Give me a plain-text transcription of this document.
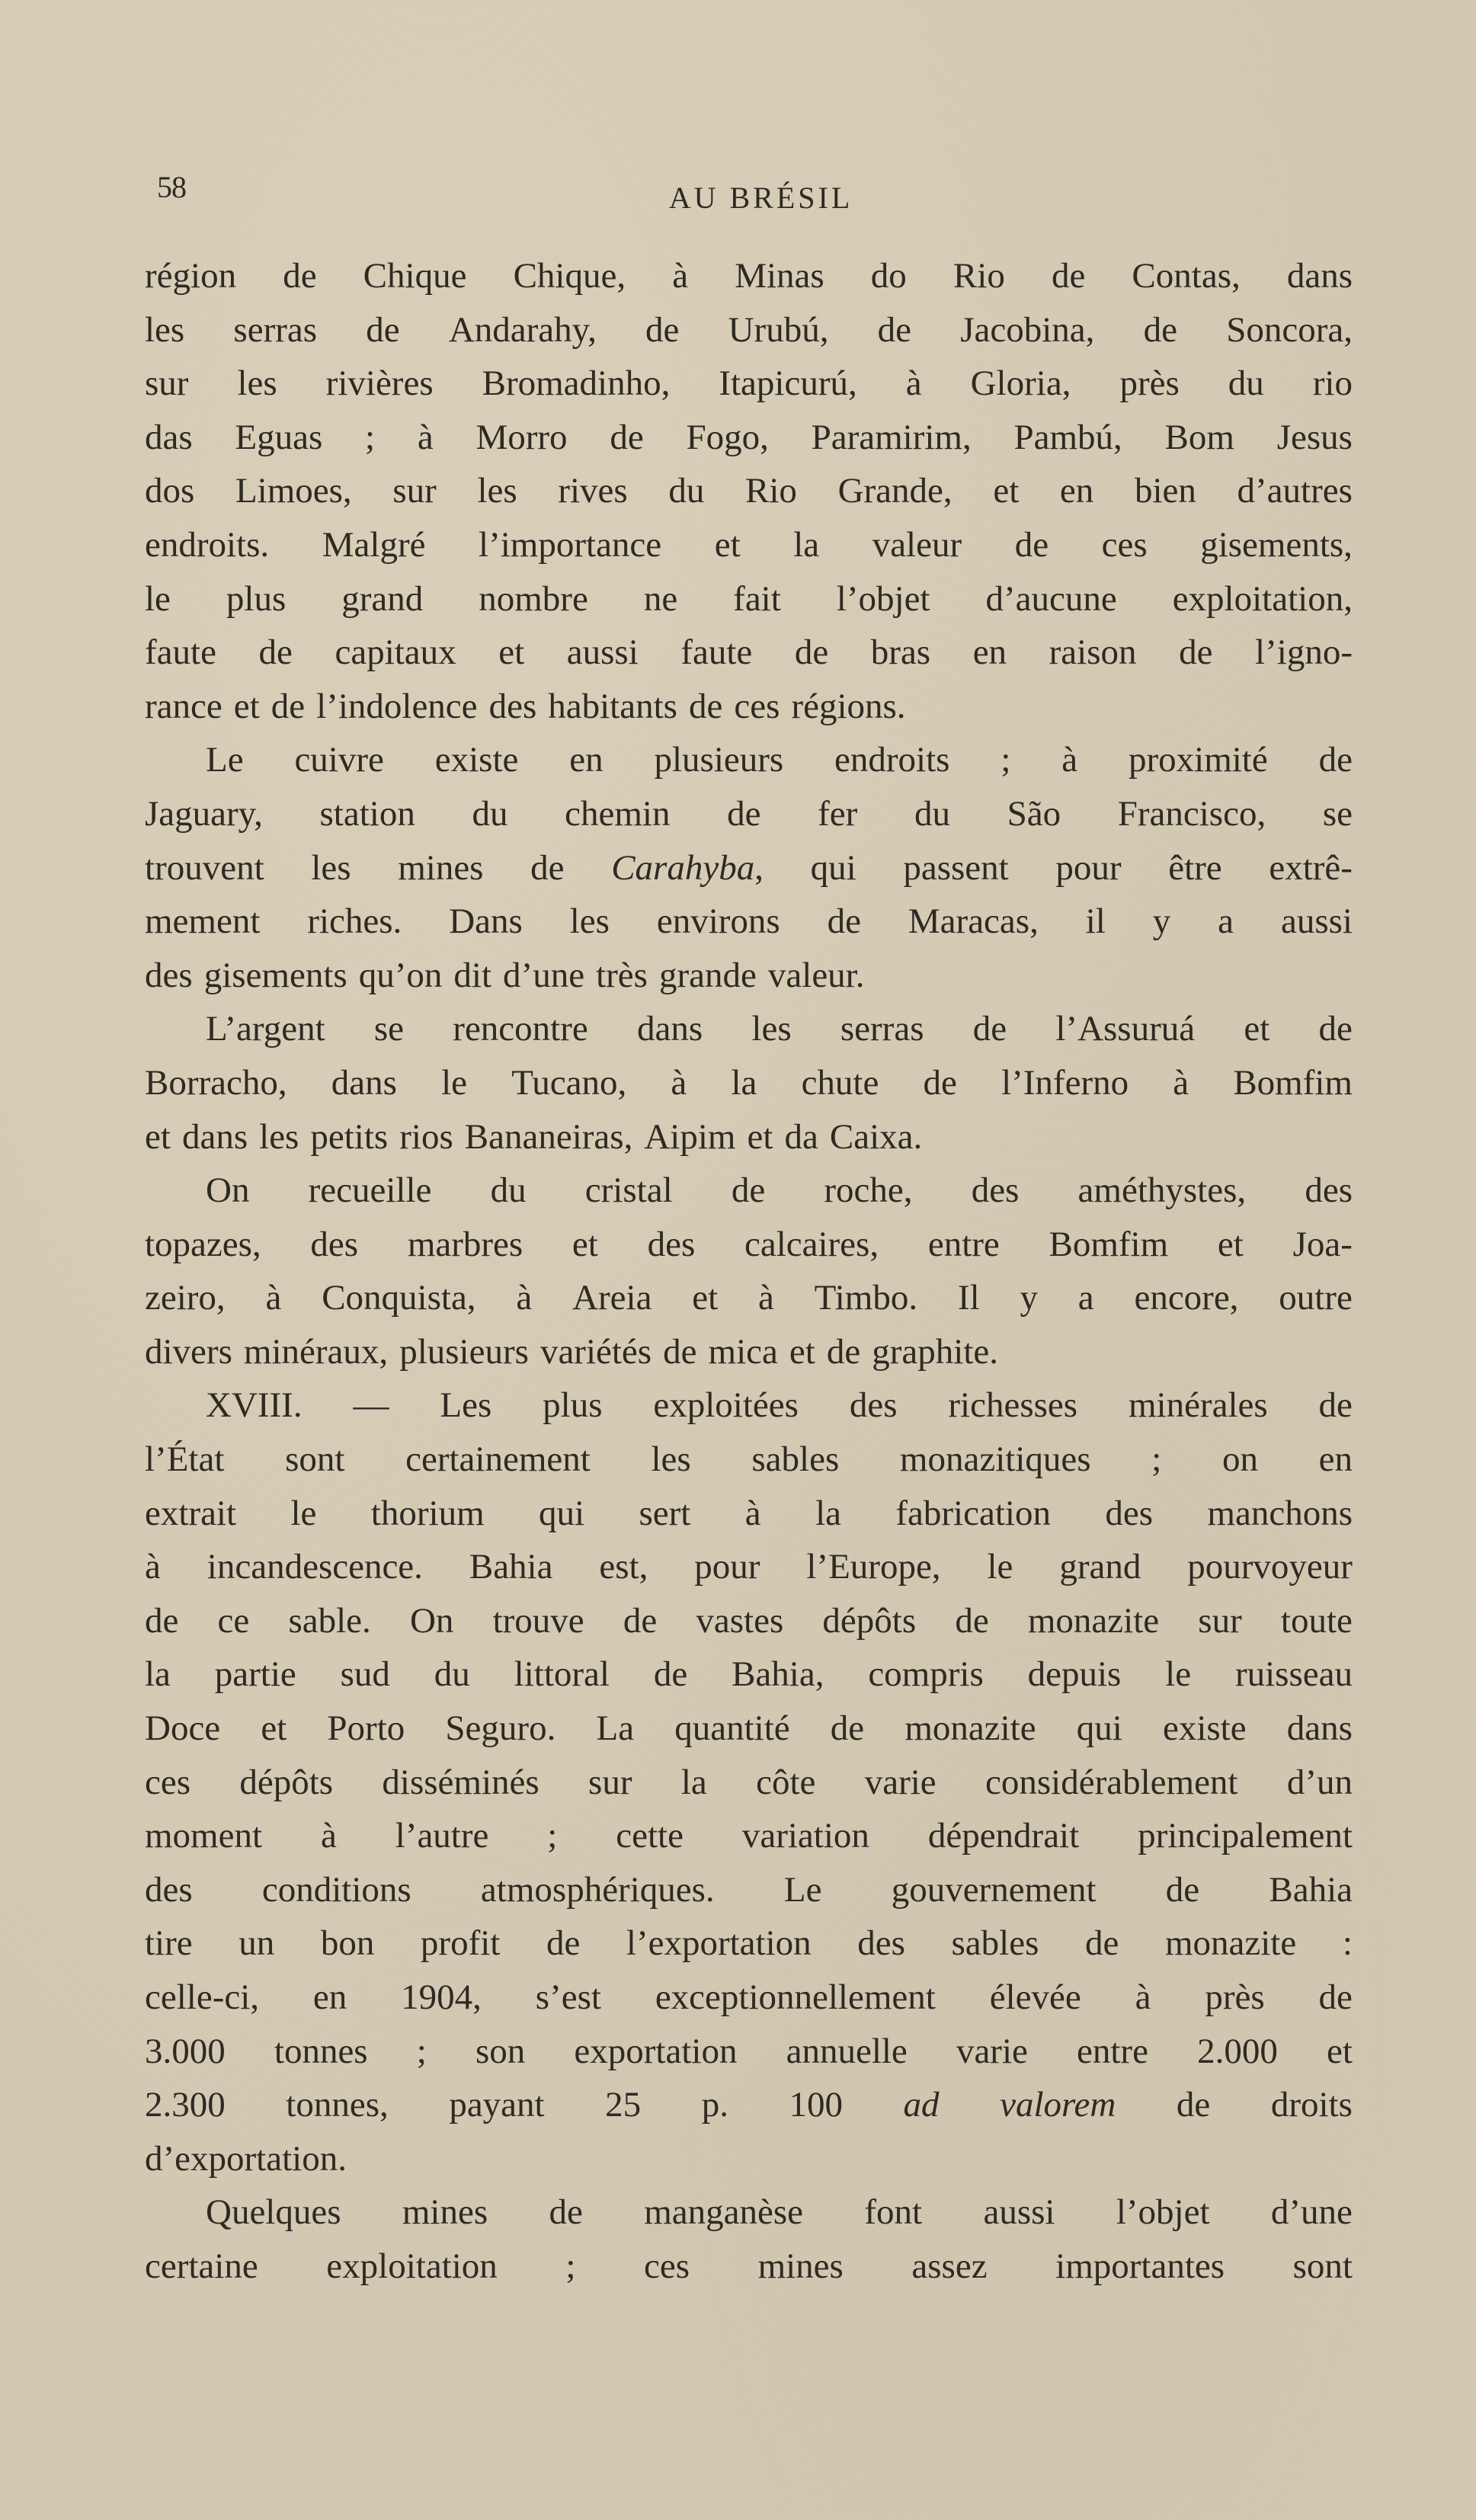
58	AU BRÉSIL
région de Chique Chique, à Minas do Rio de Contas, dans
les serras de Andarahy, de Urubú, de Jacobina, de Soncora,
sur les rivières Bromadinho, Itapicurú, à Gloria, près du rio
das Eguas ; à Morro de Fogo, Paramirim, Pambú, Bom Jesus
dos Limoes, sur les rives du Rio Grande, et en bien d’autres
endroits. Malgré l’importance et la valeur de ces gisements,
le plus grand nombre ne fait l’objet d’aucune exploitation,
faute de capitaux et aussi faute de bras en raison de l’igno-
rance et de l’indolence des habitants de ces régions.
Le cuivre existe en plusieurs endroits ; à proximité de
Jaguary, station du chemin de fer du São Francisco, se
trouvent les mines de Carahyba, qui passent pour être extrê-
mement riches. Dans les environs de Maracas, il y a aussi
des gisements qu’on dit d’une très grande valeur.
L’argent se rencontre dans les serras de l’Assuruá et de
Borracho, dans le Tucano, à la chute de l’Inferno à Bomfim
et dans les petits rios Bananeiras, Aipim et da Caixa.
On recueille du cristal de roche, des améthystes, des
topazes, des marbres et des calcaires, entre Bomfim et Joa-
zeiro, à Conquista, à Areia et à Timbo. Il y a encore, outre
divers minéraux, plusieurs variétés de mica et de graphite.
XVIII. — Les plus exploitées des richesses minérales de
l’État sont certainement les sables monazitiques ; on en
extrait le thorium qui sert à la fabrication des manchons
à incandescence. Bahia est, pour l’Europe, le grand pourvoyeur
de ce sable. On trouve de vastes dépôts de monazite sur toute
la partie sud du littoral de Bahia, compris depuis le ruisseau
Doce et Porto Seguro. La quantité de monazite qui existe dans
ces dépôts disséminés sur la côte varie considérablement d’un
moment à l’autre ; cette variation dépendrait principalement
des conditions atmosphériques. Le gouvernement de Bahia
tire un bon profit de l’exportation des sables de monazite :
celle-ci, en 1904, s’est exceptionnellement élevée à près de
3.000 tonnes ; son exportation annuelle varie entre 2.000 et
2.300 tonnes, payant 25 p. 100 ad valorem de droits
d’exportation.
Quelques mines de manganèse font aussi l’objet d’une
certaine exploitation ; ces mines assez importantes sont
